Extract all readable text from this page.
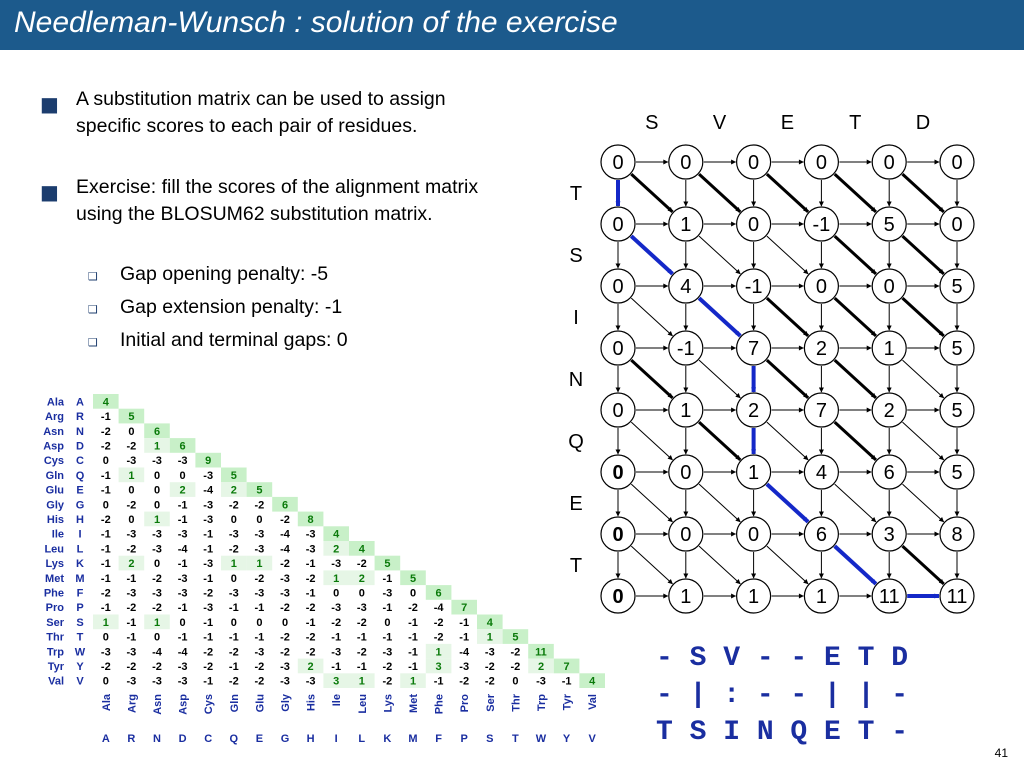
Needleman-Wunsch : solution of the exercise
■ A substitution matrix can be used to assign specific scores to each pair of residues.
■ Exercise: fill the scores of the alignment matrix using the BLOSUM62 substitution matrix.
❑ Gap opening penalty: -5
❑ Gap extension penalty: -1
❑ Initial and terminal gaps: 0
Ala A 4
Arg R -1 5
Asn N -2 0 6
Asp D -2 -2 1 6
Cys C 0 -3 -3 -3 9
Gln Q -1 1 0 0 -3 5
Glu E -1 0 0 2 -4 2 5
Gly G 0 -2 0 -1 -3 -2 -2 6
His H -2 0 1 -1 -3 0 0 -2 8
Ile I -1 -3 -3 -3 -1 -3 -3 -4 -3 4
Leu L -1 -2 -3 -4 -1 -2 -3 -4 -3 2 4
Lys K -1 2 0 -1 -3 1 1 -2 -1 -3 -2 5
Met M -1 -1 -2 -3 -1 0 -2 -3 -2 1 2 -1 5
Phe F -2 -3 -3 -3 -2 -3 -3 -3 -1 0 0 -3 0 6
Pro P -1 -2 -2 -1 -3 -1 -1 -2 -2 -3 -3 -1 -2 -4 7
Ser S 1 -1 1 0 -1 0 0 0 -1 -2 -2 0 -1 -2 -1 4
Thr T 0 -1 0 -1 -1 -1 -1 -2 -2 -1 -1 -1 -1 -2 -1 1 5
Trp W -3 -3 -4 -4 -2 -2 -3 -2 -2 -3 -2 -3 -1 1 -4 -3 -2 11
Tyr Y -2 -2 -2 -3 -2 -1 -2 -3 2 -1 -1 -2 -1 3 -3 -2 -2 2 7
Val V 0 -3 -3 -3 -1 -2 -2 -3 -3 3 1 -2 1 -1 -2 -2 0 -3 -1 4
Ala
A
Arg
R
Asn
N
Asp
D
Cys
C
Gln
Q
Glu
E
Gly
G
His
H
Ile
I
Leu
L
Lys
K
Met
M
Phe
F
Pro
P
Ser
S
Thr
T
Trp
W
Tyr
Y
Val
V
0	0	0	0	0	0
0	1	0	-1	5	0
0	4	-1	0	0	5
0	-1	7	2	1	5
0	1	2	7	2	5
0	0	1	4	6	5
0	0	0	6	3	8
0	1	1	1	11 11
S	V	E	T	D
T
S
I
N
Q
E
T
- S V - - E T D
- | : - - | | -
T S I N Q E T -
41
